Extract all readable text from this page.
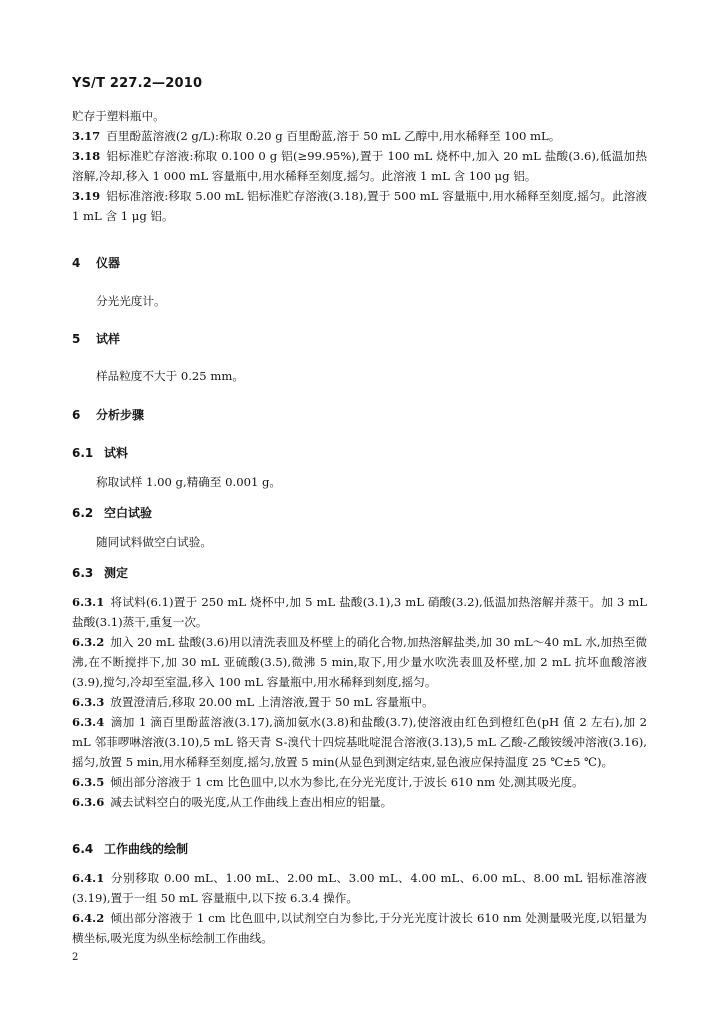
YS/T 227.2—2010

贮存于塑料瓶中。

3.17 百里酚蓝溶液(2 g/L):称取 0.20 g 百里酚蓝,溶于 50 mL 乙醇中,用水稀释至 100 mL。

3.18 铝标准贮存溶液:称取 0.100 0 g 铝(≥99.95%),置于 100 mL 烧杯中,加入 20 mL 盐酸(3.6),低温加热溶解,冷却,移入 1 000 mL 容量瓶中,用水稀释至刻度,摇匀。此溶液 1 mL 含 100 μg 铝。

3.19 铝标准溶液:移取 5.00 mL 铝标准贮存溶液(3.18),置于 500 mL 容量瓶中,用水稀释至刻度,摇匀。此溶液 1 mL 含 1 μg 铝。

4 仪器
分光光度计。
5 试样
样品粒度不大于 0.25 mm。
6 分析步骤
6.1 试料
称取试样 1.00 g,精确至 0.001 g。
6.2 空白试验
随同试料做空白试验。
6.3 测定

6.3.1 将试料(6.1)置于 250 mL 烧杯中,加 5 mL 盐酸(3.1),3 mL 硝酸(3.2),低温加热溶解并蒸干。加 3 mL 盐酸(3.1)蒸干,重复一次。

6.3.2 加入 20 mL 盐酸(3.6)用以清洗表皿及杯壁上的硝化合物,加热溶解盐类,加 30 mL～40 mL 水,加热至微沸,在不断搅拌下,加 30 mL 亚硫酸(3.5),微沸 5 min,取下,用少量水吹洗表皿及杯壁,加 2 mL 抗坏血酸溶液(3.9),搅匀,冷却至室温,移入 100 mL 容量瓶中,用水稀释到刻度,摇匀。

6.3.3 放置澄清后,移取 20.00 mL 上清溶液,置于 50 mL 容量瓶中。

6.3.4 滴加 1 滴百里酚蓝溶液(3.17),滴加氨水(3.8)和盐酸(3.7),使溶液由红色到橙红色(pH 值 2 左右),加 2 mL 邻菲啰啉溶液(3.10),5 mL 铬天青 S-溴代十四烷基吡啶混合溶液(3.13),5 mL 乙酸-乙酸铵缓冲溶液(3.16),摇匀,放置 5 min,用水稀释至刻度,摇匀,放置 5 min(从显色到测定结束,显色液应保持温度 25 ℃±5 ℃)。

6.3.5 倾出部分溶液于 1 cm 比色皿中,以水为参比,在分光光度计,于波长 610 nm 处,测其吸光度。

6.3.6 减去试料空白的吸光度,从工作曲线上查出相应的铝量。

6.4 工作曲线的绘制

6.4.1 分别移取 0.00 mL、1.00 mL、2.00 mL、3.00 mL、4.00 mL、6.00 mL、8.00 mL 铝标准溶液(3.19),置于一组 50 mL 容量瓶中,以下按 6.3.4 操作。

6.4.2 倾出部分溶液于 1 cm 比色皿中,以试剂空白为参比,于分光光度计波长 610 nm 处测量吸光度,以铝量为横坐标,吸光度为纵坐标绘制工作曲线。

2
